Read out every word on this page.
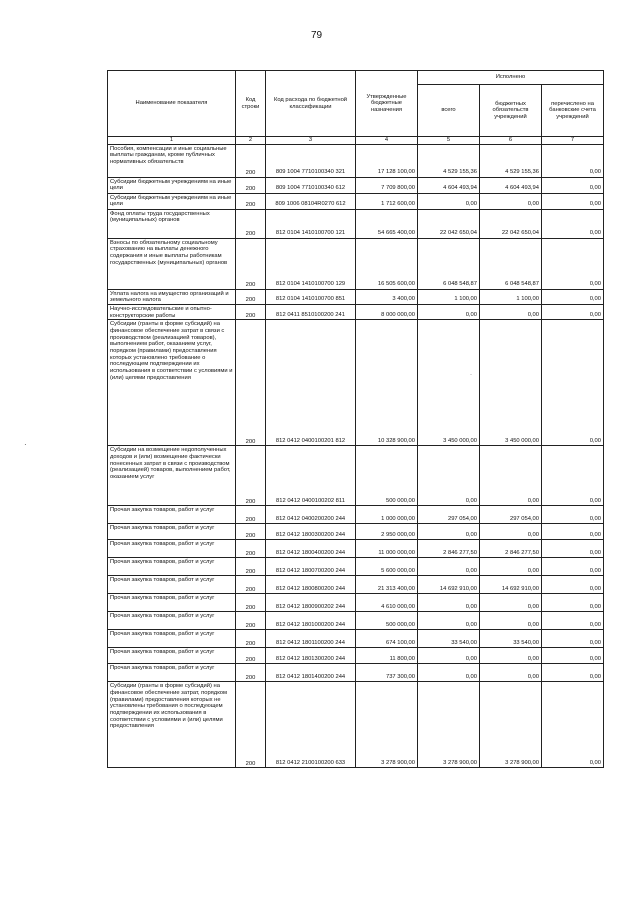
79
Наименование показателя	Код строки	Код расхода по бюджетной классификации	Утвержденные бюджетные назначения	Исполнено		
				всего	бюджетных обязательств учреждений	перечислено на банковские счета учреждений
1	2	3	4	5	6	7
Пособия, компенсации и иные социальные выплаты гражданам, кроме публичных нормативных обязательств	200	809 1004 7710100340 321	17 128 100,00	4 529 155,36	4 529 155,36	0,00
Субсидии бюджетным учреждениям на иные цели	200	809 1004 7710100340 612	7 709 800,00	4 604 493,94	4 604 493,94	0,00
Субсидии бюджетным учреждениям на иные цели	200	809 1006 08104R0270 612	1 712 600,00	0,00	0,00	0,00
Фонд оплаты труда государственных (муниципальных) органов	200	812 0104 1410100700 121	54 665 400,00	22 042 650,04	22 042 650,04	0,00
Взносы по обязательному социальному страхованию на выплаты денежного содержания и иные выплаты работникам государственных (муниципальных) органов	200	812 0104 1410100700 129	16 505 600,00	6 048 548,87	6 048 548,87	0,00
Уплата налога на имущество организаций и земельного налога	200	812 0104 1410100700 851	3 400,00	1 100,00	1 100,00	0,00
Научно-исследовательские и опытно-конструкторские работы	200	812 0411 8510100200 241	8 000 000,00	0,00	0,00	0,00
Субсидии (гранты в форме субсидий) на финансовое обеспечение затрат в связи с производством (реализацией товаров), выполнением работ, оказанием услуг, порядком (правилами) предоставления которых установлено требование о последующем подтверждении их использования в соответствии с условиями и (или) целями предоставления	200	812 0412 0400100201 812	10 328 900,00	3 450 000,00	3 450 000,00	0,00
Субсидии на возмещение недополученных доходов и (или) возмещение фактически понесенных затрат в связи с производством (реализацией) товаров, выполнением работ, оказанием услуг	200	812 0412 0400100202 811	500 000,00	0,00	0,00	0,00
Прочая закупка товаров, работ и услуг	200	812 0412 0400200200 244	1 000 000,00	297 054,00	297 054,00	0,00
Прочая закупка товаров, работ и услуг	200	812 0412 1800300200 244	2 950 000,00	0,00	0,00	0,00
Прочая закупка товаров, работ и услуг	200	812 0412 1800400200 244	11 000 000,00	2 846 277,50	2 846 277,50	0,00
Прочая закупка товаров, работ и услуг	200	812 0412 1800700200 244	5 600 000,00	0,00	0,00	0,00
Прочая закупка товаров, работ и услуг	200	812 0412 1800800200 244	21 313 400,00	14 692 910,00	14 692 910,00	0,00
Прочая закупка товаров, работ и услуг	200	812 0412 1800900202 244	4 610 000,00	0,00	0,00	0,00
Прочая закупка товаров, работ и услуг	200	812 0412 1801000200 244	500 000,00	0,00	0,00	0,00
Прочая закупка товаров, работ и услуг	200	812 0412 1801100200 244	674 100,00	33 540,00	33 540,00	0,00
Прочая закупка товаров, работ и услуг	200	812 0412 1801300200 244	11 800,00	0,00	0,00	0,00
Прочая закупка товаров, работ и услуг	200	812 0412 1801400200 244	737 300,00	0,00	0,00	0,00
Субсидии (гранты в форме субсидий) на финансовое обеспечение затрат, порядком (правилами) предоставления которых не установлены требования о последующем подтверждении их использования в соответствии с условиями и (или) целями предоставления	200	812 0412 2100100200 633	3 278 900,00	3 278 900,00	3 278 900,00	0,00
·
·
